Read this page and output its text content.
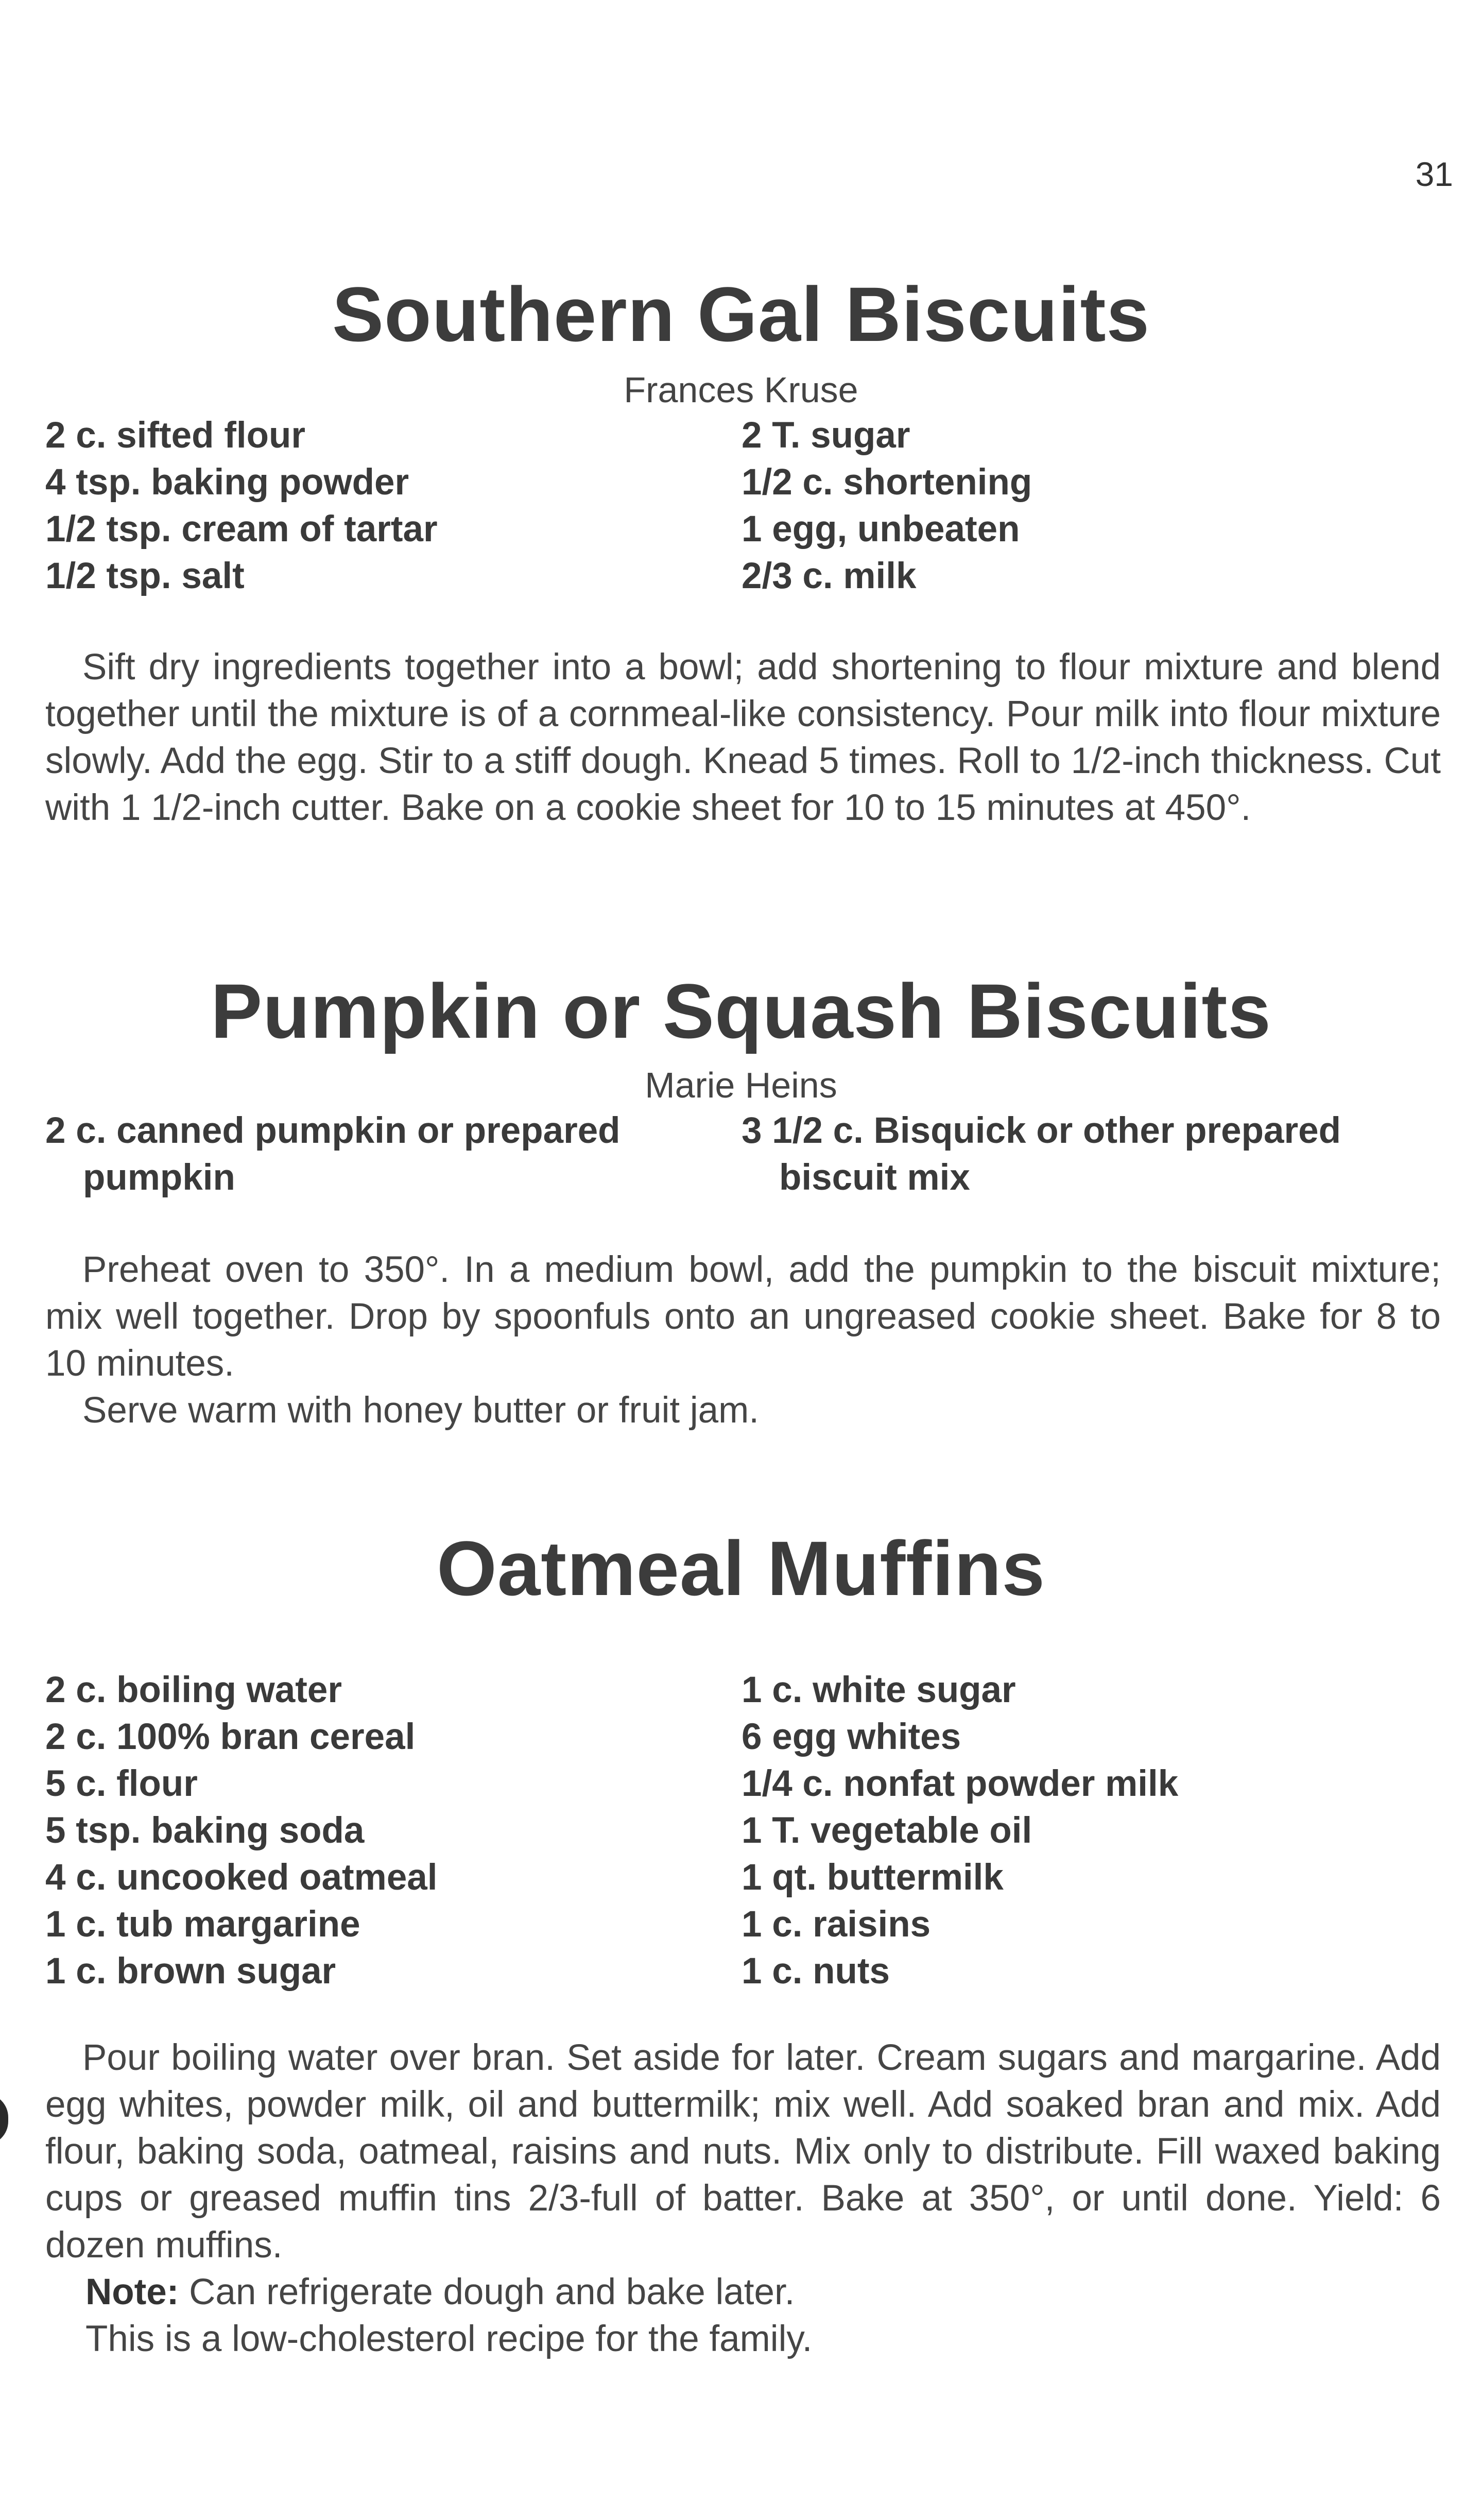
31
Southern Gal Biscuits
Frances Kruse
2 c. sifted flour
4 tsp. baking powder
1/2 tsp. cream of tartar
1/2 tsp. salt
2 T. sugar
1/2 c. shortening
1 egg, unbeaten
2/3 c. milk

Sift dry ingredients together into a bowl; add shortening to flour mixture and blend together until the mixture is of a cornmeal-like consistency. Pour milk into flour mixture slowly. Add the egg. Stir to a stiff dough. Knead 5 times. Roll to 1/2-inch thickness. Cut with 1 1/2-inch cutter. Bake on a cookie sheet for 10 to 15 minutes at 450°.

Pumpkin or Squash Biscuits
Marie Heins
2 c. canned pumpkin or prepared pumpkin
3 1/2 c. Bisquick or other prepared biscuit mix

Preheat oven to 350°. In a medium bowl, add the pumpkin to the biscuit mixture; mix well together. Drop by spoonfuls onto an ungreased cookie sheet. Bake for 8 to 10 minutes.

Serve warm with honey butter or fruit jam.

Oatmeal Muffins
2 c. boiling water
2 c. 100% bran cereal
5 c. flour
5 tsp. baking soda
4 c. uncooked oatmeal
1 c. tub margarine
1 c. brown sugar
1 c. white sugar
6 egg whites
1/4 c. nonfat powder milk
1 T. vegetable oil
1 qt. buttermilk
1 c. raisins
1 c. nuts

Pour boiling water over bran. Set aside for later. Cream sugars and margarine. Add egg whites, powder milk, oil and buttermilk; mix well. Add soaked bran and mix. Add flour, baking soda, oatmeal, raisins and nuts. Mix only to distribute. Fill waxed baking cups or greased muffin tins 2/3-full of batter. Bake at 350°, or until done. Yield: 6 dozen muffins.

Note: Can refrigerate dough and bake later.

This is a low-cholesterol recipe for the family.
